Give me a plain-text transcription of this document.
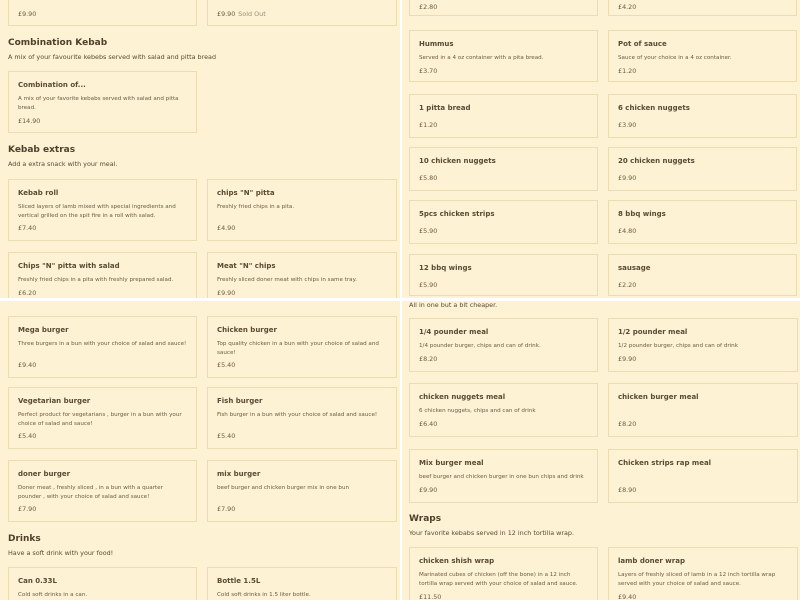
£9.90	£9.90 Sold Out
Combination Kebab
A mix of your favourite kebebs served with salad and pitta bread
Combination of...
A mix of your favorite kebabs served with salad and pitta bread.
£14.90
Kebab extras
Add a extra snack with your meal.
Kebab roll
Sliced layers of lamb mixed with special ingredients and vertical grilled on the spit fire in a roll with salad.
£7.40
chips "N" pitta
Freshly fried chips in a pita.
£4.90
Chips "N" pitta with salad
Freshly fried chips in a pita with freshly prepared salad.
£6.20
Meat "N" chips
Freshly sliced doner meat with chips in same tray.
£9.90
£2.80	£4.20
Hummus
Served in a 4 oz container with a pita bread.
£3.70
Pot of sauce
Sauce of your choice in a 4 oz container.
£1.20
1 pitta bread
£1.20
6 chicken nuggets
£3.90
10 chicken nuggets
£5.80
20 chicken nuggets
£9.90
5pcs chicken strips
£5.90
8 bbq wings
£4.80
12 bbq wings
£5.90
sausage
£2.20
Mega burger
Three burgers in a bun with your choice of salad and sauce!
£9.40
Chicken burger
Top quality chicken in a bun with your choice of salad and sauce!
£5.40
Vegetarian burger
Perfect product for vegetarians , burger in a bun with your choice of salad and sauce!
£5.40
Fish burger
Fish burger in a bun with your choice of salad and sauce!
£5.40
doner burger
Doner meat , freshly sliced , in a bun with a quarter pounder , with your choice of salad and sauce!
£7.90
mix burger
beef burger and chicken burger mix in one bun
£7.90
Drinks
Have a soft drink with your food!
Can 0.33L
Cold soft drinks in a can.
Bottle 1.5L
Cold soft drinks in 1.5 liter bottle.
All in one but a bit cheaper.
1/4 pounder meal
1/4 pounder burger, chips and can of drink.
£8.20
1/2 pounder meal
1/2 pounder burger, chips and can of drink
£9.90
chicken nuggets meal
6 chicken nuggets, chips and can of drink
£6.40
chicken burger meal
£8.20
Mix burger meal
beef burger and chicken burger in one bun chips and drink
£9.90
Chicken strips rap meal
£8.90
Wraps
Your favorite kebabs served in 12 inch tortilla wrap.
chicken shish wrap
Marinated cubes of chicken (off the bone) in a 12 inch tortilla wrap served with your choice of salad and sauce.
£11.50
lamb doner wrap
Layers of freshly sliced of lamb in a 12 inch tortilla wrap served with your choice of salad and sauce.
£9.40
